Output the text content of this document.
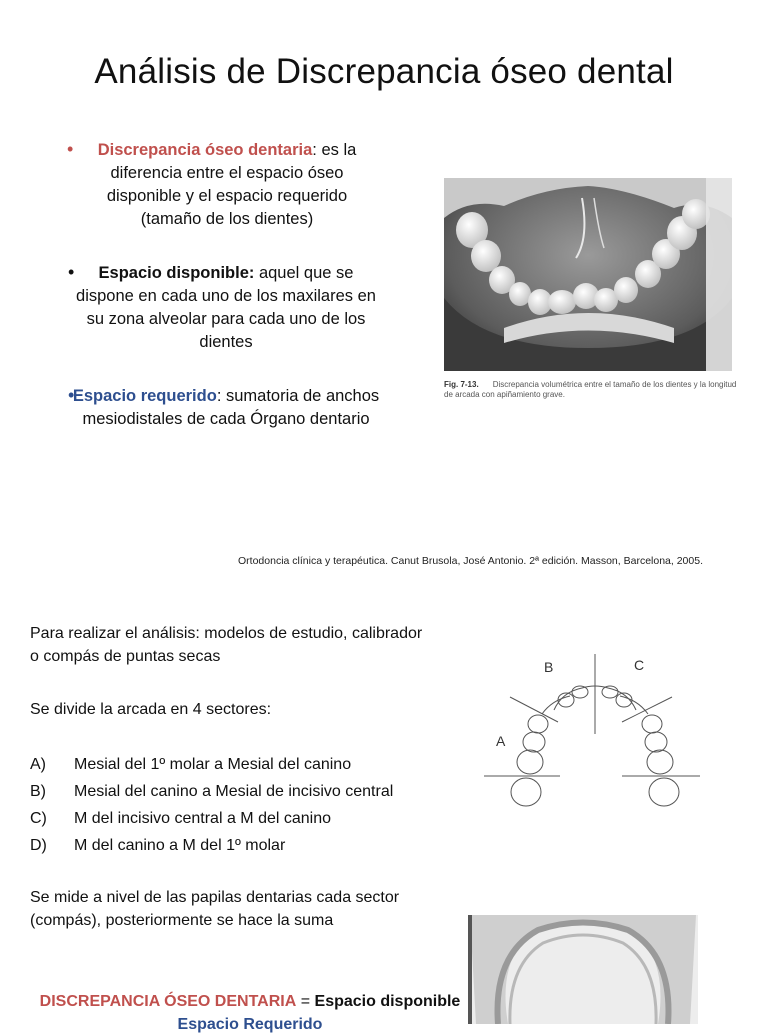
Análisis de Discrepancia óseo dental
•	Discrepancia óseo dentaria: es la diferencia entre el espacio óseo disponible y el espacio requerido (tamaño de los dientes)
•	Espacio disponible: aquel que se dispone en cada uno de los maxilares en su zona alveolar para cada uno de los dientes
•
Espacio requerido: sumatoria de anchos mesiodistales de cada Órgano dentario
Fig. 7-13. Discrepancia volumétrica entre el tamaño de los dientes y la longitud de arcada con apiñamiento grave.
Ortodoncia clínica y terapéutica. Canut Brusola, José Antonio. 2ª edición. Masson, Barcelona, 2005.
Para realizar el análisis: modelos de estudio, calibrador o compás de puntas secas
Se divide la arcada en 4 sectores:
A) Mesial del 1º molar a Mesial del canino
B) Mesial del canino a Mesial de incisivo central
C) M del incisivo central a M del canino
D) M del canino a M del 1º molar
Se mide a nivel de las papilas dentarias cada sector (compás), posteriormente se hace la suma
DISCREPANCIA ÓSEO DENTARIA = Espacio disponible
Espacio Requerido
B	C
A
